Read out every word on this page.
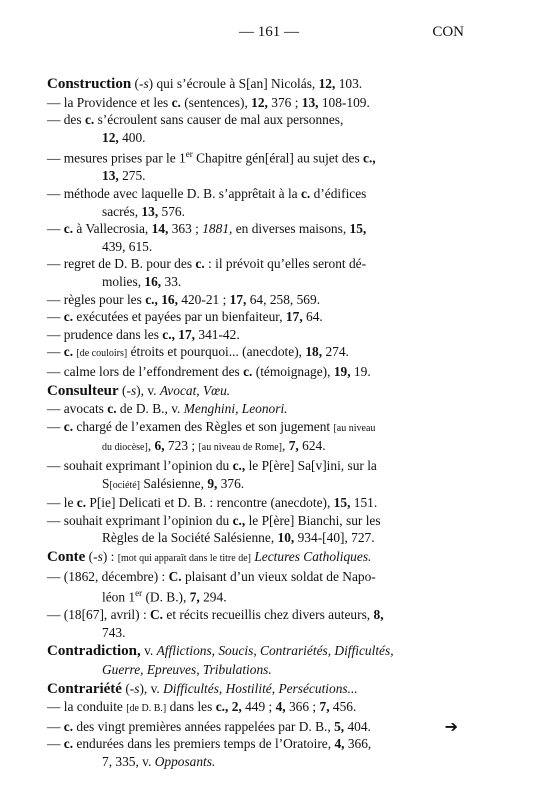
— 161 —	CON
Construction (-s) qui s’écroule à S[an] Nicolás, 12, 103.
— la Providence et les c. (sentences), 12, 376 ; 13, 108-109.
— des c. s’écroulent sans causer de mal aux personnes,
12, 400.
— mesures prises par le 1er Chapitre gén[éral] au sujet des c.,
13, 275.
— méthode avec laquelle D. B. s’apprêtait à la c. d’édifices
sacrés, 13, 576.
— c. à Vallecrosia, 14, 363 ; 1881, en diverses maisons, 15,
439, 615.
— regret de D. B. pour des c. : il prévoit qu’elles seront dé-
molies, 16, 33.
— règles pour les c., 16, 420-21 ; 17, 64, 258, 569.
— c. exécutées et payées par un bienfaiteur, 17, 64.
— prudence dans les c., 17, 341-42.
— c. [de couloirs] étroits et pourquoi... (anecdote), 18, 274.
— calme lors de l’effondrement des c. (témoignage), 19, 19.
Consulteur (-s), v. Avocat, Vœu.
— avocats c. de D. B., v. Menghini, Leonori.
— c. chargé de l’examen des Règles et son jugement [au niveau
du diocèse], 6, 723 ; [au niveau de Rome], 7, 624.
— souhait exprimant l’opinion du c., le P[ère] Sa[v]ini, sur la
S[ociété] Salésienne, 9, 376.
— le c. P[ie] Delicati et D. B. : rencontre (anecdote), 15, 151.
— souhait exprimant l’opinion du c., le P[ère] Bianchi, sur les
Règles de la Société Salésienne, 10, 934-[40], 727.
Conte (-s) : [mot qui apparaît dans le titre de] Lectures Catholiques.
— (1862, décembre) : C. plaisant d’un vieux soldat de Napo-
léon 1er (D. B.), 7, 294.
— (18[67], avril) : C. et récits recueillis chez divers auteurs, 8,
743.
Contradiction, v. Afflictions, Soucis, Contrariétés, Difficultés,
Guerre, Epreuves, Tribulations.
Contrariété (-s), v. Difficultés, Hostilité, Persécutions...
— la conduite [de D. B.] dans les c., 2, 449 ; 4, 366 ; 7, 456.
— c. des vingt premières années rappelées par D. B., 5, 404.
— c. endurées dans les premiers temps de l’Oratoire, 4, 366,
7, 335, v. Opposants.
➔
